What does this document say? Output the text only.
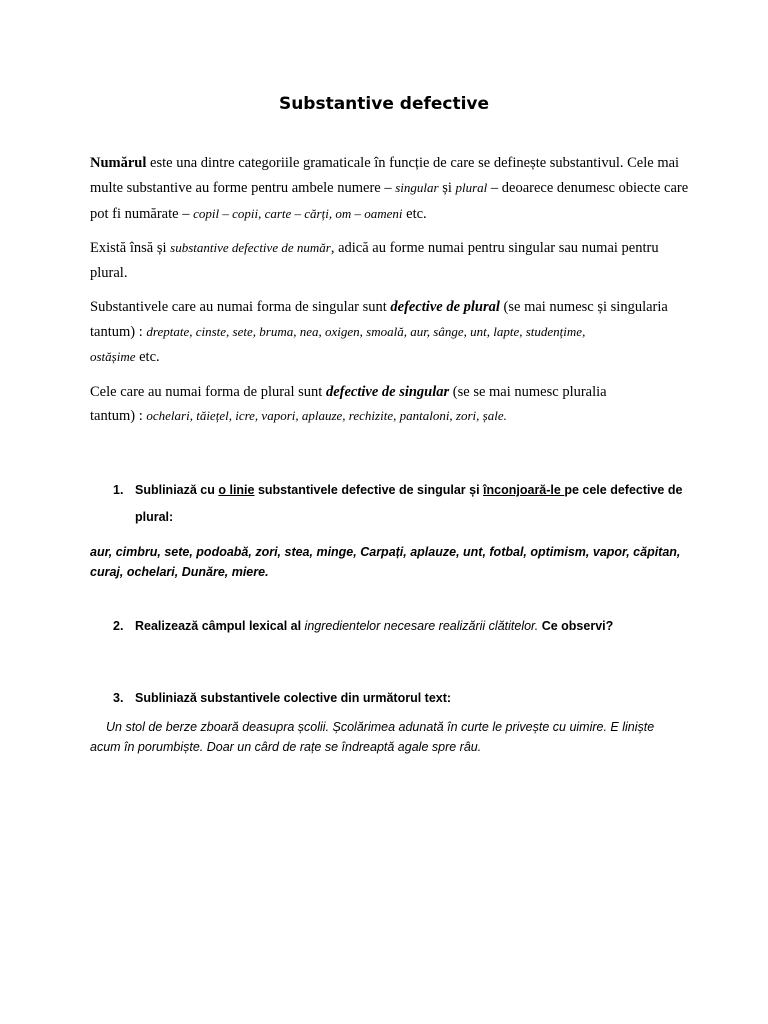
Substantive defective
Numărul este una dintre categoriile gramaticale în funcție de care se definește substantivul. Cele mai
multe substantive au forme pentru ambele numere – singular și plural – deoarece denumesc obiecte care
pot fi numărate – copil – copii, carte – cărți, om – oameni etc.
Există însă și substantive defective de număr, adică au forme numai pentru singular sau numai pentru
plural.
Substantivele care au numai forma de singular sunt defective de plural (se mai numesc și singularia
tantum) : dreptate, cinste, sete, bruma, nea, oxigen, smoală, aur, sânge, unt, lapte, studențime,
ostășime etc.
Cele care au numai forma de plural sunt defective de singular (se se mai numesc pluralia
tantum) : ochelari, tăiețel, icre, vapori, aplauze, rechizite, pantaloni, zori, șale.
1. Subliniază cu o linie substantivele defective de singular și înconjoară-le pe cele defective de
plural:
aur, cimbru, sete, podoabă, zori, stea, minge, Carpați, aplauze, unt, fotbal, optimism, vapor, căpitan,
curaj, ochelari, Dunăre, miere.
2. Realizează câmpul lexical al ingredientelor necesare realizării clătitelor. Ce observi?
3. Subliniază substantivele colective din următorul text:
Un stol de berze zboară deasupra școlii. Școlărimea adunată în curte le privește cu uimire. E liniște
acum în porumbiște. Doar un cârd de rațe se îndreaptă agale spre râu.
